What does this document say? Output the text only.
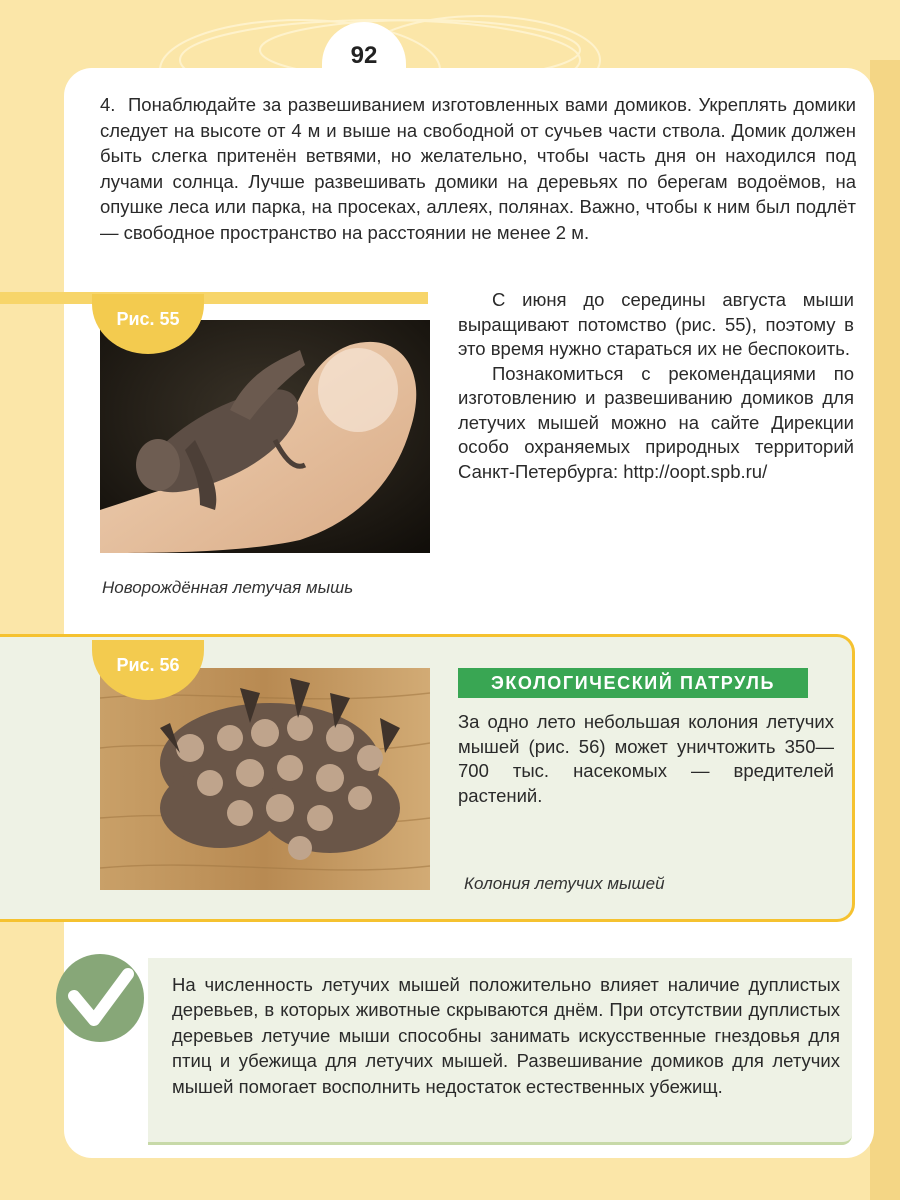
92
4. Понаблюдайте за развешиванием изготовленных вами домиков. Укреплять домики следует на высоте от 4 м и выше на свободной от сучьев части ствола. Домик должен быть слегка притенён ветвями, но желательно, чтобы часть дня он находился под лучами солнца. Лучше развешивать домики на деревьях по берегам водоёмов, на опушке леса или парка, на просеках, аллеях, полянах. Важно, чтобы к ним был подлёт — свободное пространство на расстоянии не менее 2 м.
Рис. 55
Новорождённая летучая мышь

С июня до середины августа мыши выращивают потомство (рис. 55), поэтому в это время нужно стараться их не беспокоить.

Познакомиться с рекомендациями по изготовлению и развешиванию домиков для летучих мышей можно на сайте Дирекции особо охраняемых природных территорий Санкт-Петербурга: http://oopt.spb.ru/

Рис. 56
Колония летучих мышей
ЭКОЛОГИЧЕСКИЙ ПАТРУЛЬ
За одно лето небольшая колония летучих мышей (рис. 56) может уничтожить 350—700 тыс. насекомых — вредителей растений.
На численность летучих мышей положительно влияет наличие дуплистых деревьев, в которых животные скрываются днём. При отсутствии дуплистых деревьев летучие мыши способны занимать искусственные гнездовья для птиц и убежища для летучих мышей. Развешивание домиков для летучих мышей помогает восполнить недостаток естественных убежищ.
